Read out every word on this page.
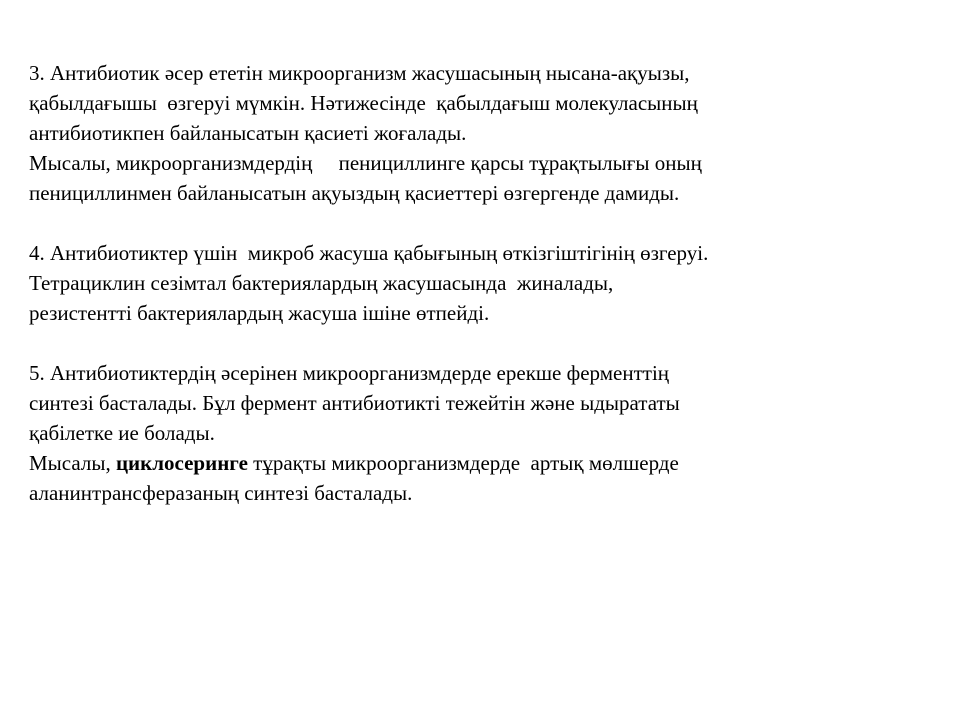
3. Антибиотик әсер ететін микроорганизм жасушасының нысана-ақуызы,
қабылдағышы  өзгеруі мүмкін. Нәтижесінде  қабылдағыш молекуласының
антибиотикпен байланысатын қасиеті жоғалады.
Мысалы, микроорганизмдердің     пенициллинге қарсы тұрақтылығы оның
пенициллинмен байланысатын ақуыздың қасиеттері өзгергенде дамиды.
4. Антибиотиктер үшін  микроб жасуша қабығының өткізгіштігінің өзгеруі.
Тетрациклин сезімтал бактериялардың жасушасында  жиналады,
резистентті бактериялардың жасуша ішіне өтпейді.
5. Антибиотиктердің әсерінен микроорганизмдерде ерекше ферменттің
синтезі басталады. Бұл фермент антибиотикті тежейтін және ыдырататы
қабілетке ие болады.
Мысалы, циклосеринге тұрақты микроорганизмдерде  артық мөлшерде
аланинтрансферазаның синтезі басталады.
